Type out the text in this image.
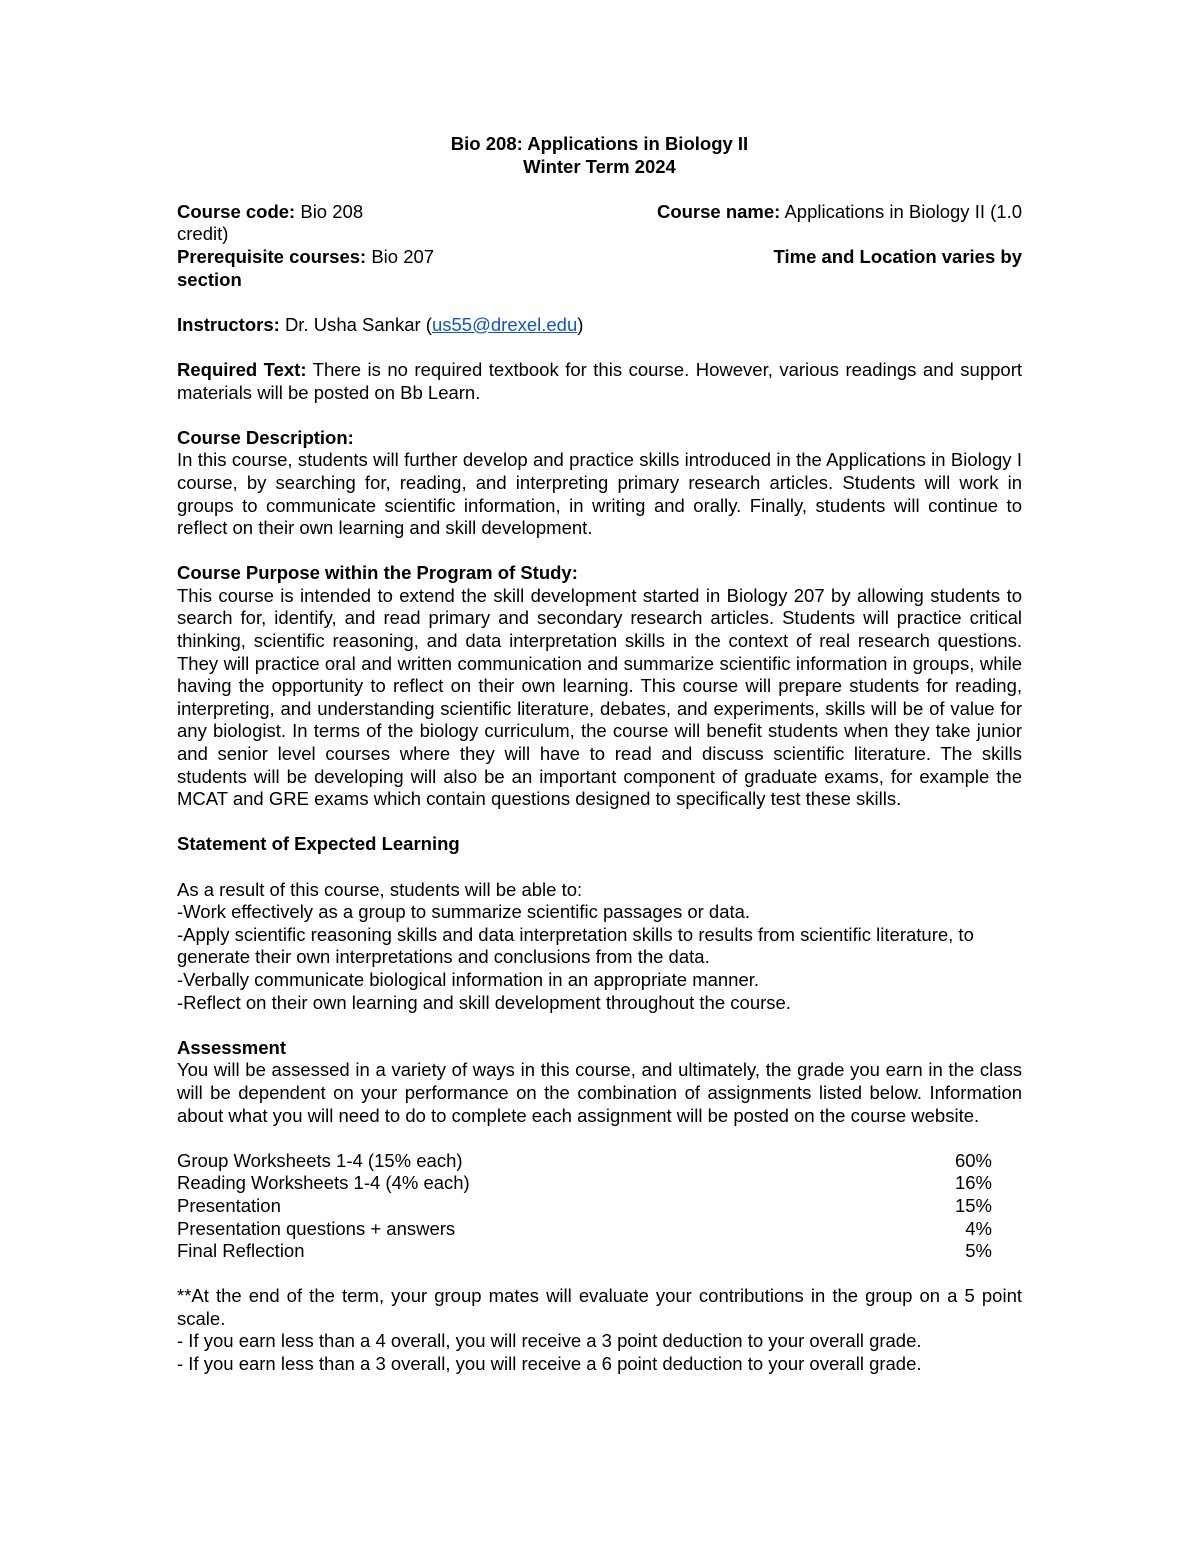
Bio 208: Applications in Biology II
Winter Term 2024
Course code: Bio 208	Course name: Applications in Biology II (1.0
credit)
Prerequisite courses: Bio 207	Time and Location varies by
section
Instructors: Dr. Usha Sankar (us55@drexel.edu)

Required Text: There is no required textbook for this course. However, various readings and support materials will be posted on Bb Learn.

Course Description:

In this course, students will further develop and practice skills introduced in the Applications in Biology I course, by searching for, reading, and interpreting primary research articles. Students will work in groups to communicate scientific information, in writing and orally. Finally, students will continue to reflect on their own learning and skill development.

Course Purpose within the Program of Study:

This course is intended to extend the skill development started in Biology 207 by allowing students to search for, identify, and read primary and secondary research articles. Students will practice critical thinking, scientific reasoning, and data interpretation skills in the context of real research questions. They will practice oral and written communication and summarize scientific information in groups, while having the opportunity to reflect on their own learning. This course will prepare students for reading, interpreting, and understanding scientific literature, debates, and experiments, skills will be of value for any biologist. In terms of the biology curriculum, the course will benefit students when they take junior and senior level courses where they will have to read and discuss scientific literature. The skills students will be developing will also be an important component of graduate exams, for example the MCAT and GRE exams which contain questions designed to specifically test these skills.

Statement of Expected Learning
As a result of this course, students will be able to:
-Work effectively as a group to summarize scientific passages or data.
-Apply scientific reasoning skills and data interpretation skills to results from scientific literature, to generate their own interpretations and conclusions from the data.
-Verbally communicate biological information in an appropriate manner.
-Reflect on their own learning and skill development throughout the course.
Assessment

You will be assessed in a variety of ways in this course, and ultimately, the grade you earn in the class will be dependent on your performance on the combination of assignments listed below. Information about what you will need to do to complete each assignment will be posted on the course website.

Group Worksheets 1-4 (15% each)	60%
Reading Worksheets 1-4 (4% each)	16%
Presentation	15%
Presentation questions + answers	4%
Final Reflection	5%

**At the end of the term, your group mates will evaluate your contributions in the group on a 5 point scale.

- If you earn less than a 4 overall, you will receive a 3 point deduction to your overall grade.
- If you earn less than a 3 overall, you will receive a 6 point deduction to your overall grade.
